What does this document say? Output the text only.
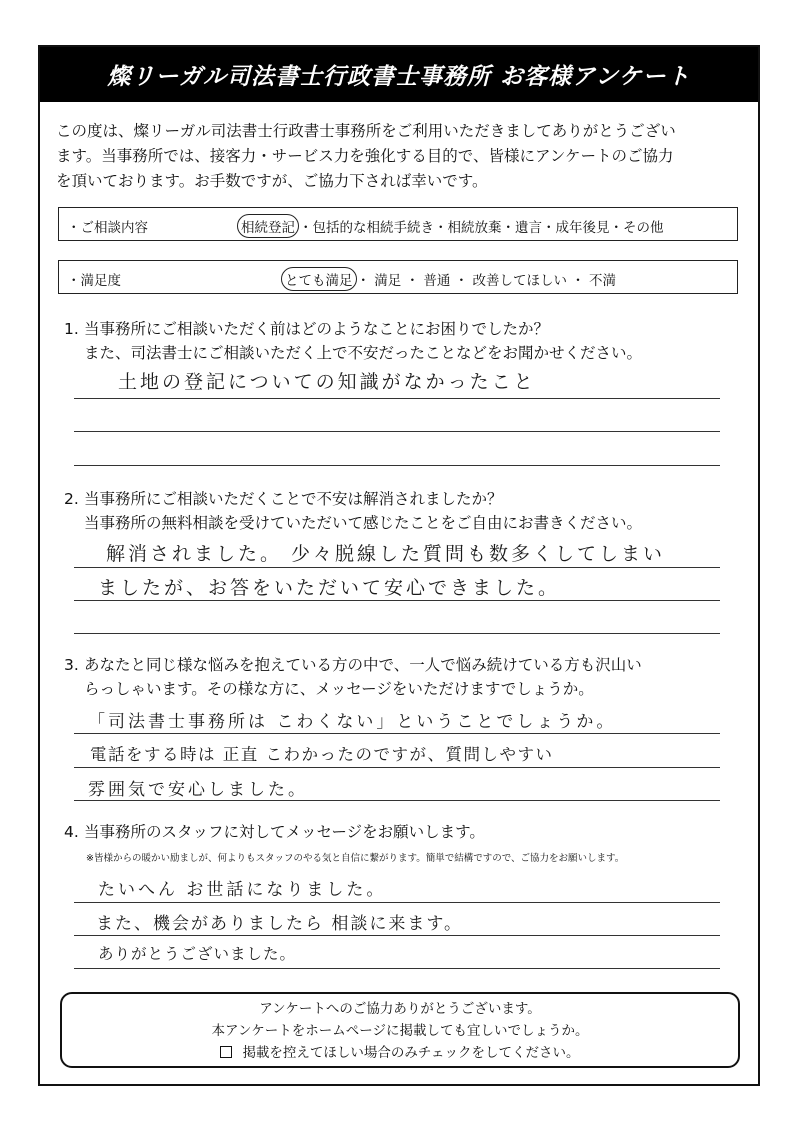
燦リーガル司法書士行政書士事務所 お客様アンケート
この度は、燦リーガル司法書士行政書士事務所をご利用いただきましてありがとうござい
ます。当事務所では、接客力・サービス力を強化する目的で、皆様にアンケートのご協力
を頂いております。お手数ですが、ご協力下されば幸いです。
・ご相談内容	相続登記 ・包括的な相続手続き・相続放棄・遺言・成年後見・その他
・満足度	とても満足 ・ 満足 ・ 普通 ・ 改善してほしい ・ 不満
1. 当事務所にご相談いただく前はどのようなことにお困りでしたか？
また、司法書士にご相談いただく上で不安だったことなどをお聞かせください。
土地の登記についての知識がなかったこと
2. 当事務所にご相談いただくことで不安は解消されましたか？
当事務所の無料相談を受けていただいて感じたことをご自由にお書きください。
解消されました。 少々脱線した質問も数多くしてしまい
ましたが、お答をいただいて安心できました。
3. あなたと同じ様な悩みを抱えている方の中で、一人で悩み続けている方も沢山い
らっしゃいます。その様な方に、メッセージをいただけますでしょうか。
「司法書士事務所は こわくない」ということでしょうか。
電話をする時は 正直 こわかったのですが、質問しやすい
雰囲気で安心しました。
4. 当事務所のスタッフに対してメッセージをお願いします。
※皆様からの暖かい励ましが、何よりもスタッフのやる気と自信に繋がります。簡単で結構ですので、ご協力をお願いします。
たいへん お世話になりました。
また、機会がありましたら 相談に来ます。
ありがとうございました。
アンケートへのご協力ありがとうございます。
本アンケートをホームページに掲載しても宜しいでしょうか。
掲載を控えてほしい場合のみチェックをしてください。
